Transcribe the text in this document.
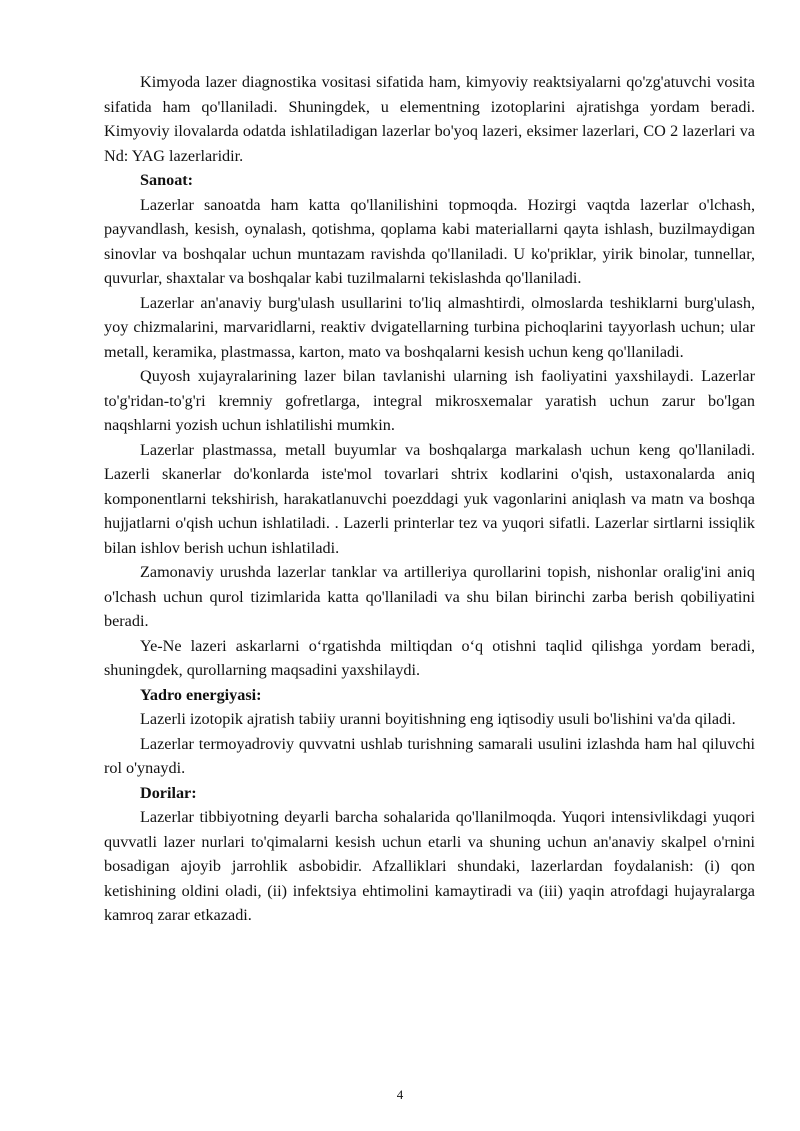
Kimyoda lazer diagnostika vositasi sifatida ham, kimyoviy reaktsiyalarni qo'zg'atuvchi vosita sifatida ham qo'llaniladi. Shuningdek, u elementning izotoplarini ajratishga yordam beradi. Kimyoviy ilovalarda odatda ishlatiladigan lazerlar bo'yoq lazeri, eksimer lazerlari, CO 2 lazerlari va Nd: YAG lazerlaridir.

Sanoat:

Lazerlar sanoatda ham katta qo'llanilishini topmoqda. Hozirgi vaqtda lazerlar o'lchash, payvandlash, kesish, oynalash, qotishma, qoplama kabi materiallarni qayta ishlash, buzilmaydigan sinovlar va boshqalar uchun muntazam ravishda qo'llaniladi. U ko'priklar, yirik binolar, tunnellar, quvurlar, shaxtalar va boshqalar kabi tuzilmalarni tekislashda qo'llaniladi.

Lazerlar an'anaviy burg'ulash usullarini to'liq almashtirdi, olmoslarda teshiklarni burg'ulash, yoy chizmalarini, marvaridlarni, reaktiv dvigatellarning turbina pichoqlarini tayyorlash uchun; ular metall, keramika, plastmassa, karton, mato va boshqalarni kesish uchun keng qo'llaniladi.

Quyosh xujayralarining lazer bilan tavlanishi ularning ish faoliyatini yaxshilaydi. Lazerlar to'g'ridan-to'g'ri kremniy gofretlarga, integral mikrosxemalar yaratish uchun zarur bo'lgan naqshlarni yozish uchun ishlatilishi mumkin.

Lazerlar plastmassa, metall buyumlar va boshqalarga markalash uchun keng qo'llaniladi. Lazerli skanerlar do'konlarda iste'mol tovarlari shtrix kodlarini o'qish, ustaxonalarda aniq komponentlarni tekshirish, harakatlanuvchi poezddagi yuk vagonlarini aniqlash va matn va boshqa hujjatlarni o'qish uchun ishlatiladi. . Lazerli printerlar tez va yuqori sifatli. Lazerlar sirtlarni issiqlik bilan ishlov berish uchun ishlatiladi.

Zamonaviy urushda lazerlar tanklar va artilleriya qurollarini topish, nishonlar oralig'ini aniq o'lchash uchun qurol tizimlarida katta qo'llaniladi va shu bilan birinchi zarba berish qobiliyatini beradi.

Ye-Ne lazeri askarlarni o‘rgatishda miltiqdan o‘q otishni taqlid qilishga yordam beradi, shuningdek, qurollarning maqsadini yaxshilaydi.

Yadro energiyasi:

Lazerli izotopik ajratish tabiiy uranni boyitishning eng iqtisodiy usuli bo'lishini va'da qiladi.

Lazerlar termoyadroviy quvvatni ushlab turishning samarali usulini izlashda ham hal qiluvchi rol o'ynaydi.

Dorilar:

Lazerlar tibbiyotning deyarli barcha sohalarida qo'llanilmoqda. Yuqori intensivlikdagi yuqori quvvatli lazer nurlari to'qimalarni kesish uchun etarli va shuning uchun an'anaviy skalpel o'rnini bosadigan ajoyib jarrohlik asbobidir. Afzalliklari shundaki, lazerlardan foydalanish: (i) qon ketishining oldini oladi, (ii) infektsiya ehtimolini kamaytiradi va (iii) yaqin atrofdagi hujayralarga kamroq zarar etkazadi.

4
